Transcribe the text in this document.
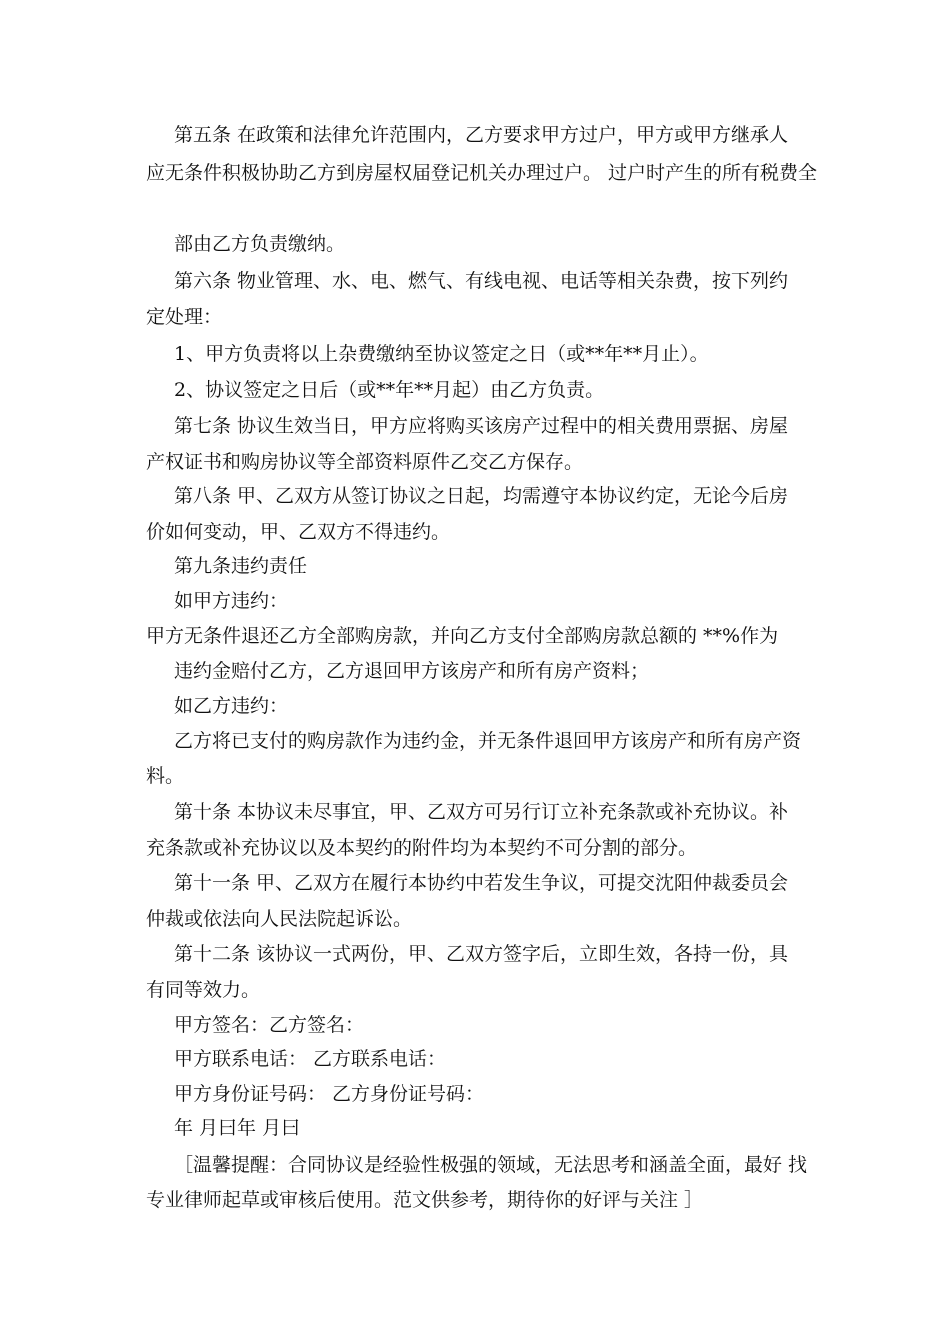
第五条 在政策和法律允许范围内，乙方要求甲方过户，甲方或甲方继承人
应无条件积极协助乙方到房屋权届登记机关办理过户。 过户时产生的所有税费全
部由乙方负责缴纳。
第六条 物业管理、水、电、燃气、有线电视、电话等相关杂费，按下列约
定处理：
1、甲方负责将以上杂费缴纳至协议签定之日（或**年**月止）。
2、协议签定之日后（或**年**月起）由乙方负责。
第七条 协议生效当日，甲方应将购买该房产过程中的相关费用票据、房屋
产权证书和购房协议等全部资料原件乙交乙方保存。
第八条 甲、乙双方从签订协议之日起，均需遵守本协议约定，无论今后房
价如何变动，甲、乙双方不得违约。
第九条违约责任
如甲方违约：
甲方无条件退还乙方全部购房款，并向乙方支付全部购房款总额的 **%作为
违约金赔付乙方，乙方退回甲方该房产和所有房产资料；
如乙方违约：
乙方将已支付的购房款作为违约金，并无条件退回甲方该房产和所有房产资
料。
第十条 本协议未尽事宜，甲、乙双方可另行订立补充条款或补充协议。补
充条款或补充协议以及本契约的附件均为本契约不可分割的部分。
第十一条 甲、乙双方在履行本协约中若发生争议，可提交沈阳仲裁委员会
仲裁或依法向人民法院起诉讼。
第十二条 该协议一式两份，甲、乙双方签字后，立即生效，各持一份，具
有同等效力。
甲方签名：乙方签名：
甲方联系电话： 乙方联系电话：
甲方身份证号码： 乙方身份证号码：
年 月曰年 月曰
［温馨提醒：合同协议是经验性极强的领域，无法思考和涵盖全面，最好 找
专业律师起草或审核后使用。范文供参考，期待你的好评与关注 ］
